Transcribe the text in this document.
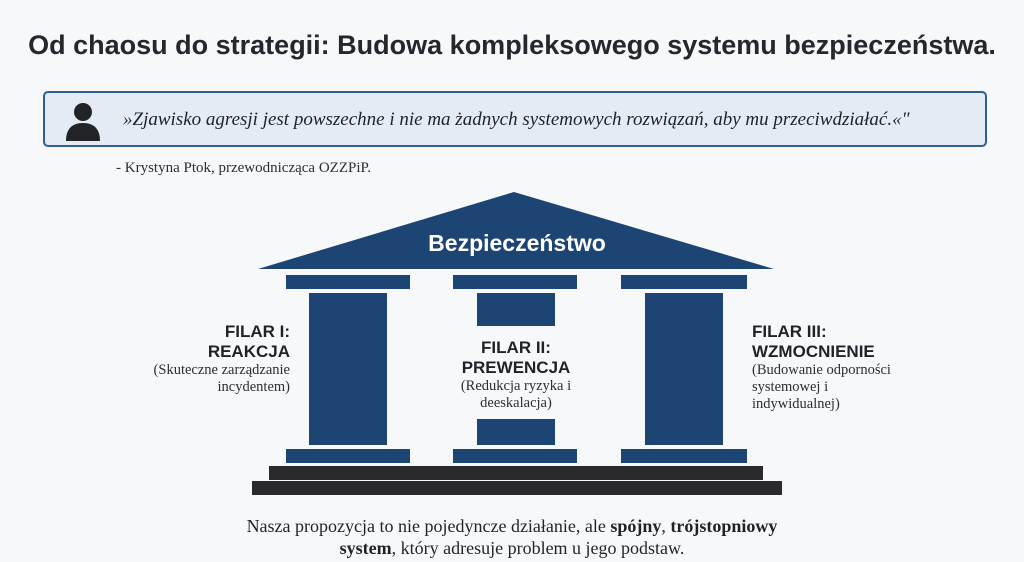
Od chaosu do strategii: Budowa kompleksowego systemu bezpieczeństwa.
»Zjawisko agresji jest powszechne i nie ma żadnych systemowych rozwiązań, aby mu przeciwdziałać.«"
- Krystyna Ptok, przewodnicząca OZZPiP.
Bezpieczeństwo
FILAR I:
REAKCJA
(Skuteczne zarządzanie
incydentem)
FILAR II:
PREWENCJA
(Redukcja ryzyka i
deeskalacja)
FILAR III:
WZMOCNIENIE
(Budowanie odporności
systemowej i
indywidualnej)
Nasza propozycja to nie pojedyncze działanie, ale spójny, trójstopniowy
system, który adresuje problem u jego podstaw.
